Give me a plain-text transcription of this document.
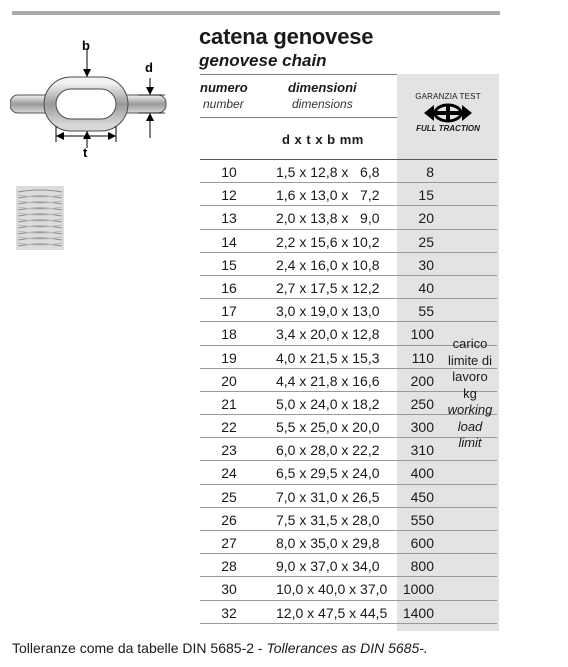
catena genovese
genovese chain
b
d
t
numero
number
dimensioni
dimensions
d x t x b mm
GARANZIA TEST
FULL TRACTION
10	1,5 x 12,8 x   6,8	8
12	1,6 x 13,0 x   7,2	15
13	2,0 x 13,8 x   9,0	20
14	2,2 x 15,6 x 10,2	25
15	2,4 x 16,0 x 10,8	30
16	2,7 x 17,5 x 12,2	40
17	3,0 x 19,0 x 13,0	55
18	3,4 x 20,0 x 12,8	100
19	4,0 x 21,5 x 15,3	110
20	4,4 x 21,8 x 16,6	200
21	5,0 x 24,0 x 18,2	250
22	5,5 x 25,0 x 20,0	300
23	6,0 x 28,0 x 22,2	310
24	6,5 x 29,5 x 24,0	400
25	7,0 x 31,0 x 26,5	450
26	7,5 x 31,5 x 28,0	550
27	8,0 x 35,0 x 29,8	600
28	9,0 x 37,0 x 34,0	800
30	10,0 x 40,0 x 37,0	1000
32	12,0 x 47,5 x 44,5	1400
carico
limite di
lavoro
kg
working
load
limit
Tolleranze come da tabelle DIN 5685-2 - Tollerances as DIN 5685-.
